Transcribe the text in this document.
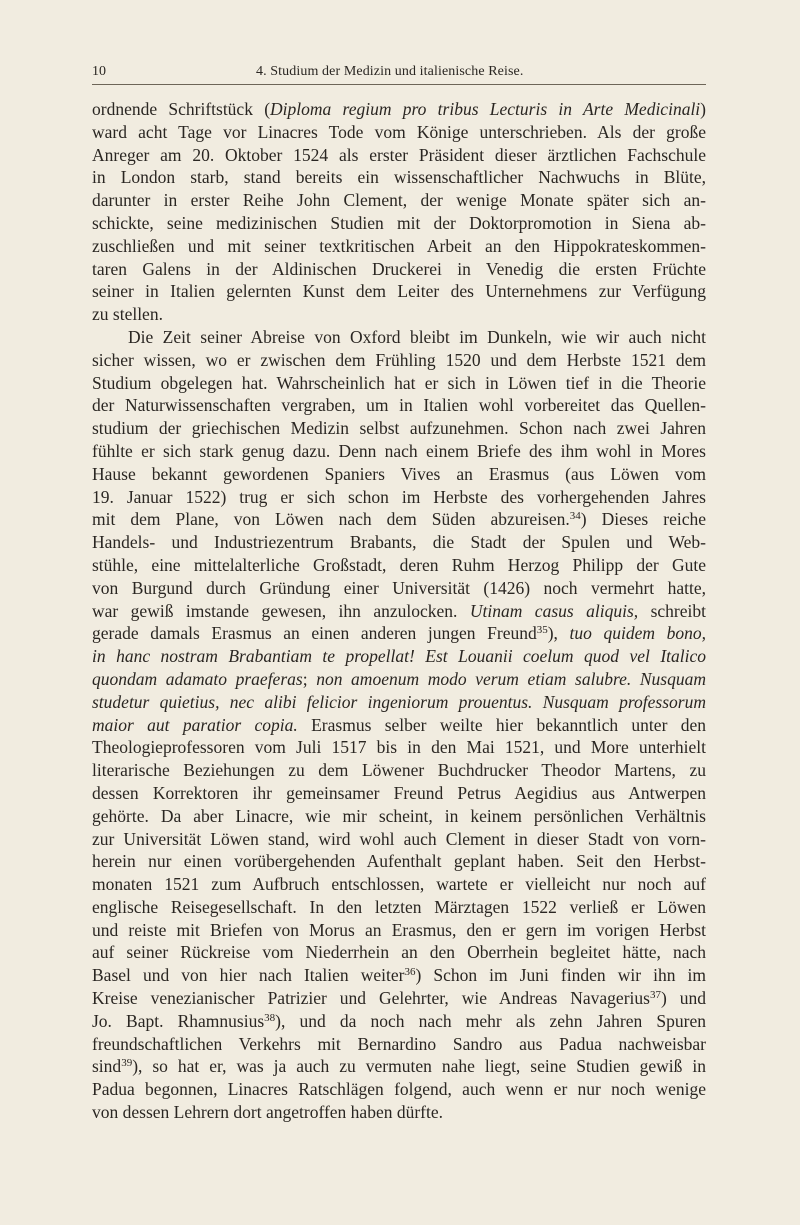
10	4. Studium der Medizin und italienische Reise.
ordnende Schriftstück (Diploma regium pro tribus Lecturis in Arte Medicinali)
ward acht Tage vor Linacres Tode vom Könige unterschrieben. Als der große
Anreger am 20. Oktober 1524 als erster Präsident dieser ärztlichen Fachschule
in London starb, stand bereits ein wissenschaftlicher Nachwuchs in Blüte,
darunter in erster Reihe John Clement, der wenige Monate später sich an-
schickte, seine medizinischen Studien mit der Doktorpromotion in Siena ab-
zuschließen und mit seiner textkritischen Arbeit an den Hippokrateskommen-
taren Galens in der Aldinischen Druckerei in Venedig die ersten Früchte
seiner in Italien gelernten Kunst dem Leiter des Unternehmens zur Verfügung
zu stellen.
Die Zeit seiner Abreise von Oxford bleibt im Dunkeln, wie wir auch nicht
sicher wissen, wo er zwischen dem Frühling 1520 und dem Herbste 1521 dem
Studium obgelegen hat. Wahrscheinlich hat er sich in Löwen tief in die Theorie
der Naturwissenschaften vergraben, um in Italien wohl vorbereitet das Quellen-
studium der griechischen Medizin selbst aufzunehmen. Schon nach zwei Jahren
fühlte er sich stark genug dazu. Denn nach einem Briefe des ihm wohl in Mores
Hause bekannt gewordenen Spaniers Vives an Erasmus (aus Löwen vom
19. Januar 1522) trug er sich schon im Herbste des vorhergehenden Jahres
mit dem Plane, von Löwen nach dem Süden abzureisen.$^{34}$) Dieses reiche
Handels- und Industriezentrum Brabants, die Stadt der Spulen und Web-
stühle, eine mittelalterliche Großstadt, deren Ruhm Herzog Philipp der Gute
von Burgund durch Gründung einer Universität (1426) noch vermehrt hatte,
war gewiß imstande gewesen, ihn anzulocken. Utinam casus aliquis, schreibt
gerade damals Erasmus an einen anderen jungen Freund$^{35}$), tuo quidem bono,
in hanc nostram Brabantiam te propellat! Est Louanii coelum quod vel Italico
quondam adamato praeferas; non amoenum modo verum etiam salubre. Nusquam
studetur quietius, nec alibi felicior ingeniorum prouentus. Nusquam professorum
maior aut paratior copia. Erasmus selber weilte hier bekanntlich unter den
Theologieprofessoren vom Juli 1517 bis in den Mai 1521, und More unterhielt
literarische Beziehungen zu dem Löwener Buchdrucker Theodor Martens, zu
dessen Korrektoren ihr gemeinsamer Freund Petrus Aegidius aus Antwerpen
gehörte. Da aber Linacre, wie mir scheint, in keinem persönlichen Verhältnis
zur Universität Löwen stand, wird wohl auch Clement in dieser Stadt von vorn-
herein nur einen vorübergehenden Aufenthalt geplant haben. Seit den Herbst-
monaten 1521 zum Aufbruch entschlossen, wartete er vielleicht nur noch auf
englische Reisegesellschaft. In den letzten Märztagen 1522 verließ er Löwen
und reiste mit Briefen von Morus an Erasmus, den er gern im vorigen Herbst
auf seiner Rückreise vom Niederrhein an den Oberrhein begleitet hätte, nach
Basel und von hier nach Italien weiter$^{36}$) Schon im Juni finden wir ihn im
Kreise venezianischer Patrizier und Gelehrter, wie Andreas Navagerius$^{37}$) und
Jo. Bapt. Rhamnusius$^{38}$), und da noch nach mehr als zehn Jahren Spuren
freundschaftlichen Verkehrs mit Bernardino Sandro aus Padua nachweisbar
sind$^{39}$), so hat er, was ja auch zu vermuten nahe liegt, seine Studien gewiß in
Padua begonnen, Linacres Ratschlägen folgend, auch wenn er nur noch wenige
von dessen Lehrern dort angetroffen haben dürfte.
